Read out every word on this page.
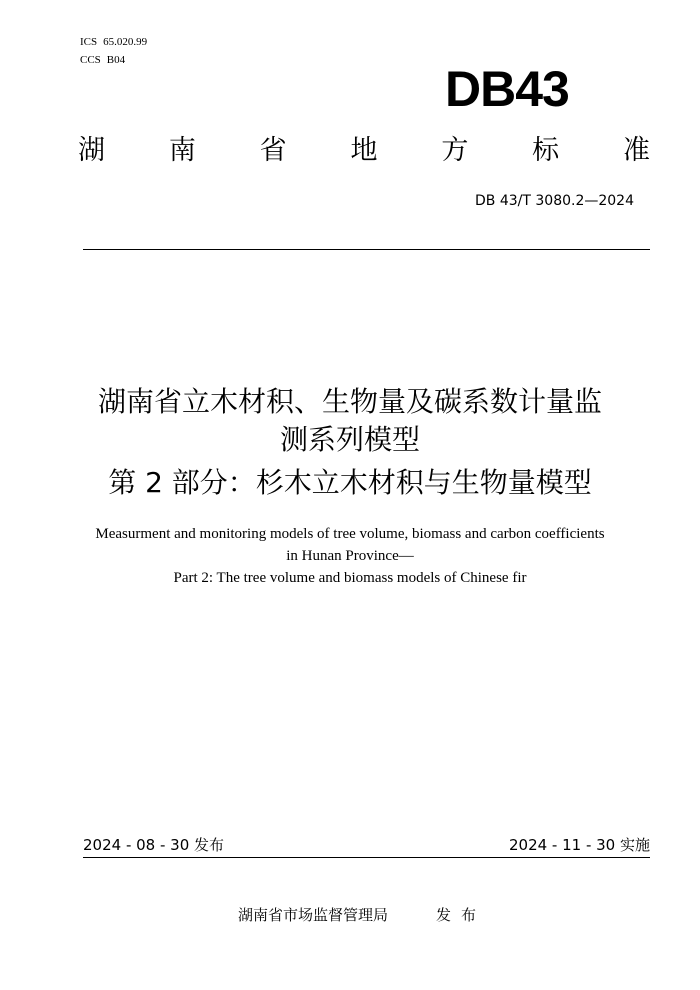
ICS 65.020.99
CCS B04
DB43
湖 南 省 地 方 标 准
DB 43/T 3080.2—2024
湖南省立木材积、生物量及碳系数计量监
测系列模型
第 2 部分：杉木立木材积与生物量模型
Measurment and monitoring models of tree volume, biomass and carbon coefficients
in Hunan Province—
Part 2: The tree volume and biomass models of Chinese fir
2024 - 08 - 30 发布	2024 - 11 - 30 实施
湖南省市场监督管理局	发布
